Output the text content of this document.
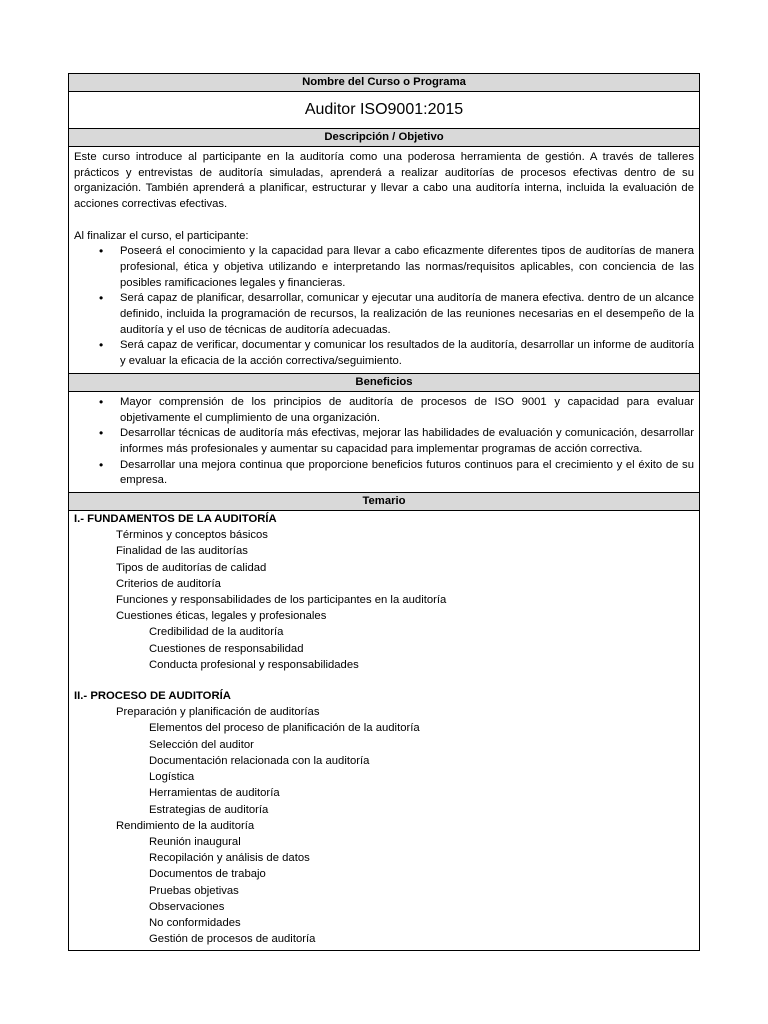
Nombre del Curso o Programa
Auditor ISO9001:2015
Descripción / Objetivo

Este curso introduce al participante en la auditoría como una poderosa herramienta de gestión. A través de talleres prácticos y entrevistas de auditoría simuladas, aprenderá a realizar auditorías de procesos efectivas dentro de su organización. También aprenderá a planificar, estructurar y llevar a cabo una auditoría interna, incluida la evaluación de acciones correctivas efectivas.

Al finalizar el curso, el participante:

• Poseerá el conocimiento y la capacidad para llevar a cabo eficazmente diferentes tipos de auditorías de manera profesional, ética y objetiva utilizando e interpretando las normas/requisitos aplicables, con conciencia de las posibles ramificaciones legales y financieras.
• Será capaz de planificar, desarrollar, comunicar y ejecutar una auditoría de manera efectiva. dentro de un alcance definido, incluida la programación de recursos, la realización de las reuniones necesarias en el desempeño de la auditoría y el uso de técnicas de auditoría adecuadas.
• Será capaz de verificar, documentar y comunicar los resultados de la auditoría, desarrollar un informe de auditoría y evaluar la eficacia de la acción correctiva/seguimiento.
Beneficios
• Mayor comprensión de los principios de auditoría de procesos de ISO 9001 y capacidad para evaluar objetivamente el cumplimiento de una organización.
• Desarrollar técnicas de auditoría más efectivas, mejorar las habilidades de evaluación y comunicación, desarrollar informes más profesionales y aumentar su capacidad para implementar programas de acción correctiva.
• Desarrollar una mejora continua que proporcione beneficios futuros continuos para el crecimiento y el éxito de su empresa.
Temario
I.- FUNDAMENTOS DE LA AUDITORÍA
Términos y conceptos básicos
Finalidad de las auditorías
Tipos de auditorías de calidad
Criterios de auditoría
Funciones y responsabilidades de los participantes en la auditoría
Cuestiones éticas, legales y profesionales
Credibilidad de la auditoría
Cuestiones de responsabilidad
Conducta profesional y responsabilidades
II.- PROCESO DE AUDITORÍA
Preparación y planificación de auditorías
Elementos del proceso de planificación de la auditoría
Selección del auditor
Documentación relacionada con la auditoría
Logística
Herramientas de auditoría
Estrategias de auditoría
Rendimiento de la auditoría
Reunión inaugural
Recopilación y análisis de datos
Documentos de trabajo
Pruebas objetivas
Observaciones
No conformidades
Gestión de procesos de auditoría
